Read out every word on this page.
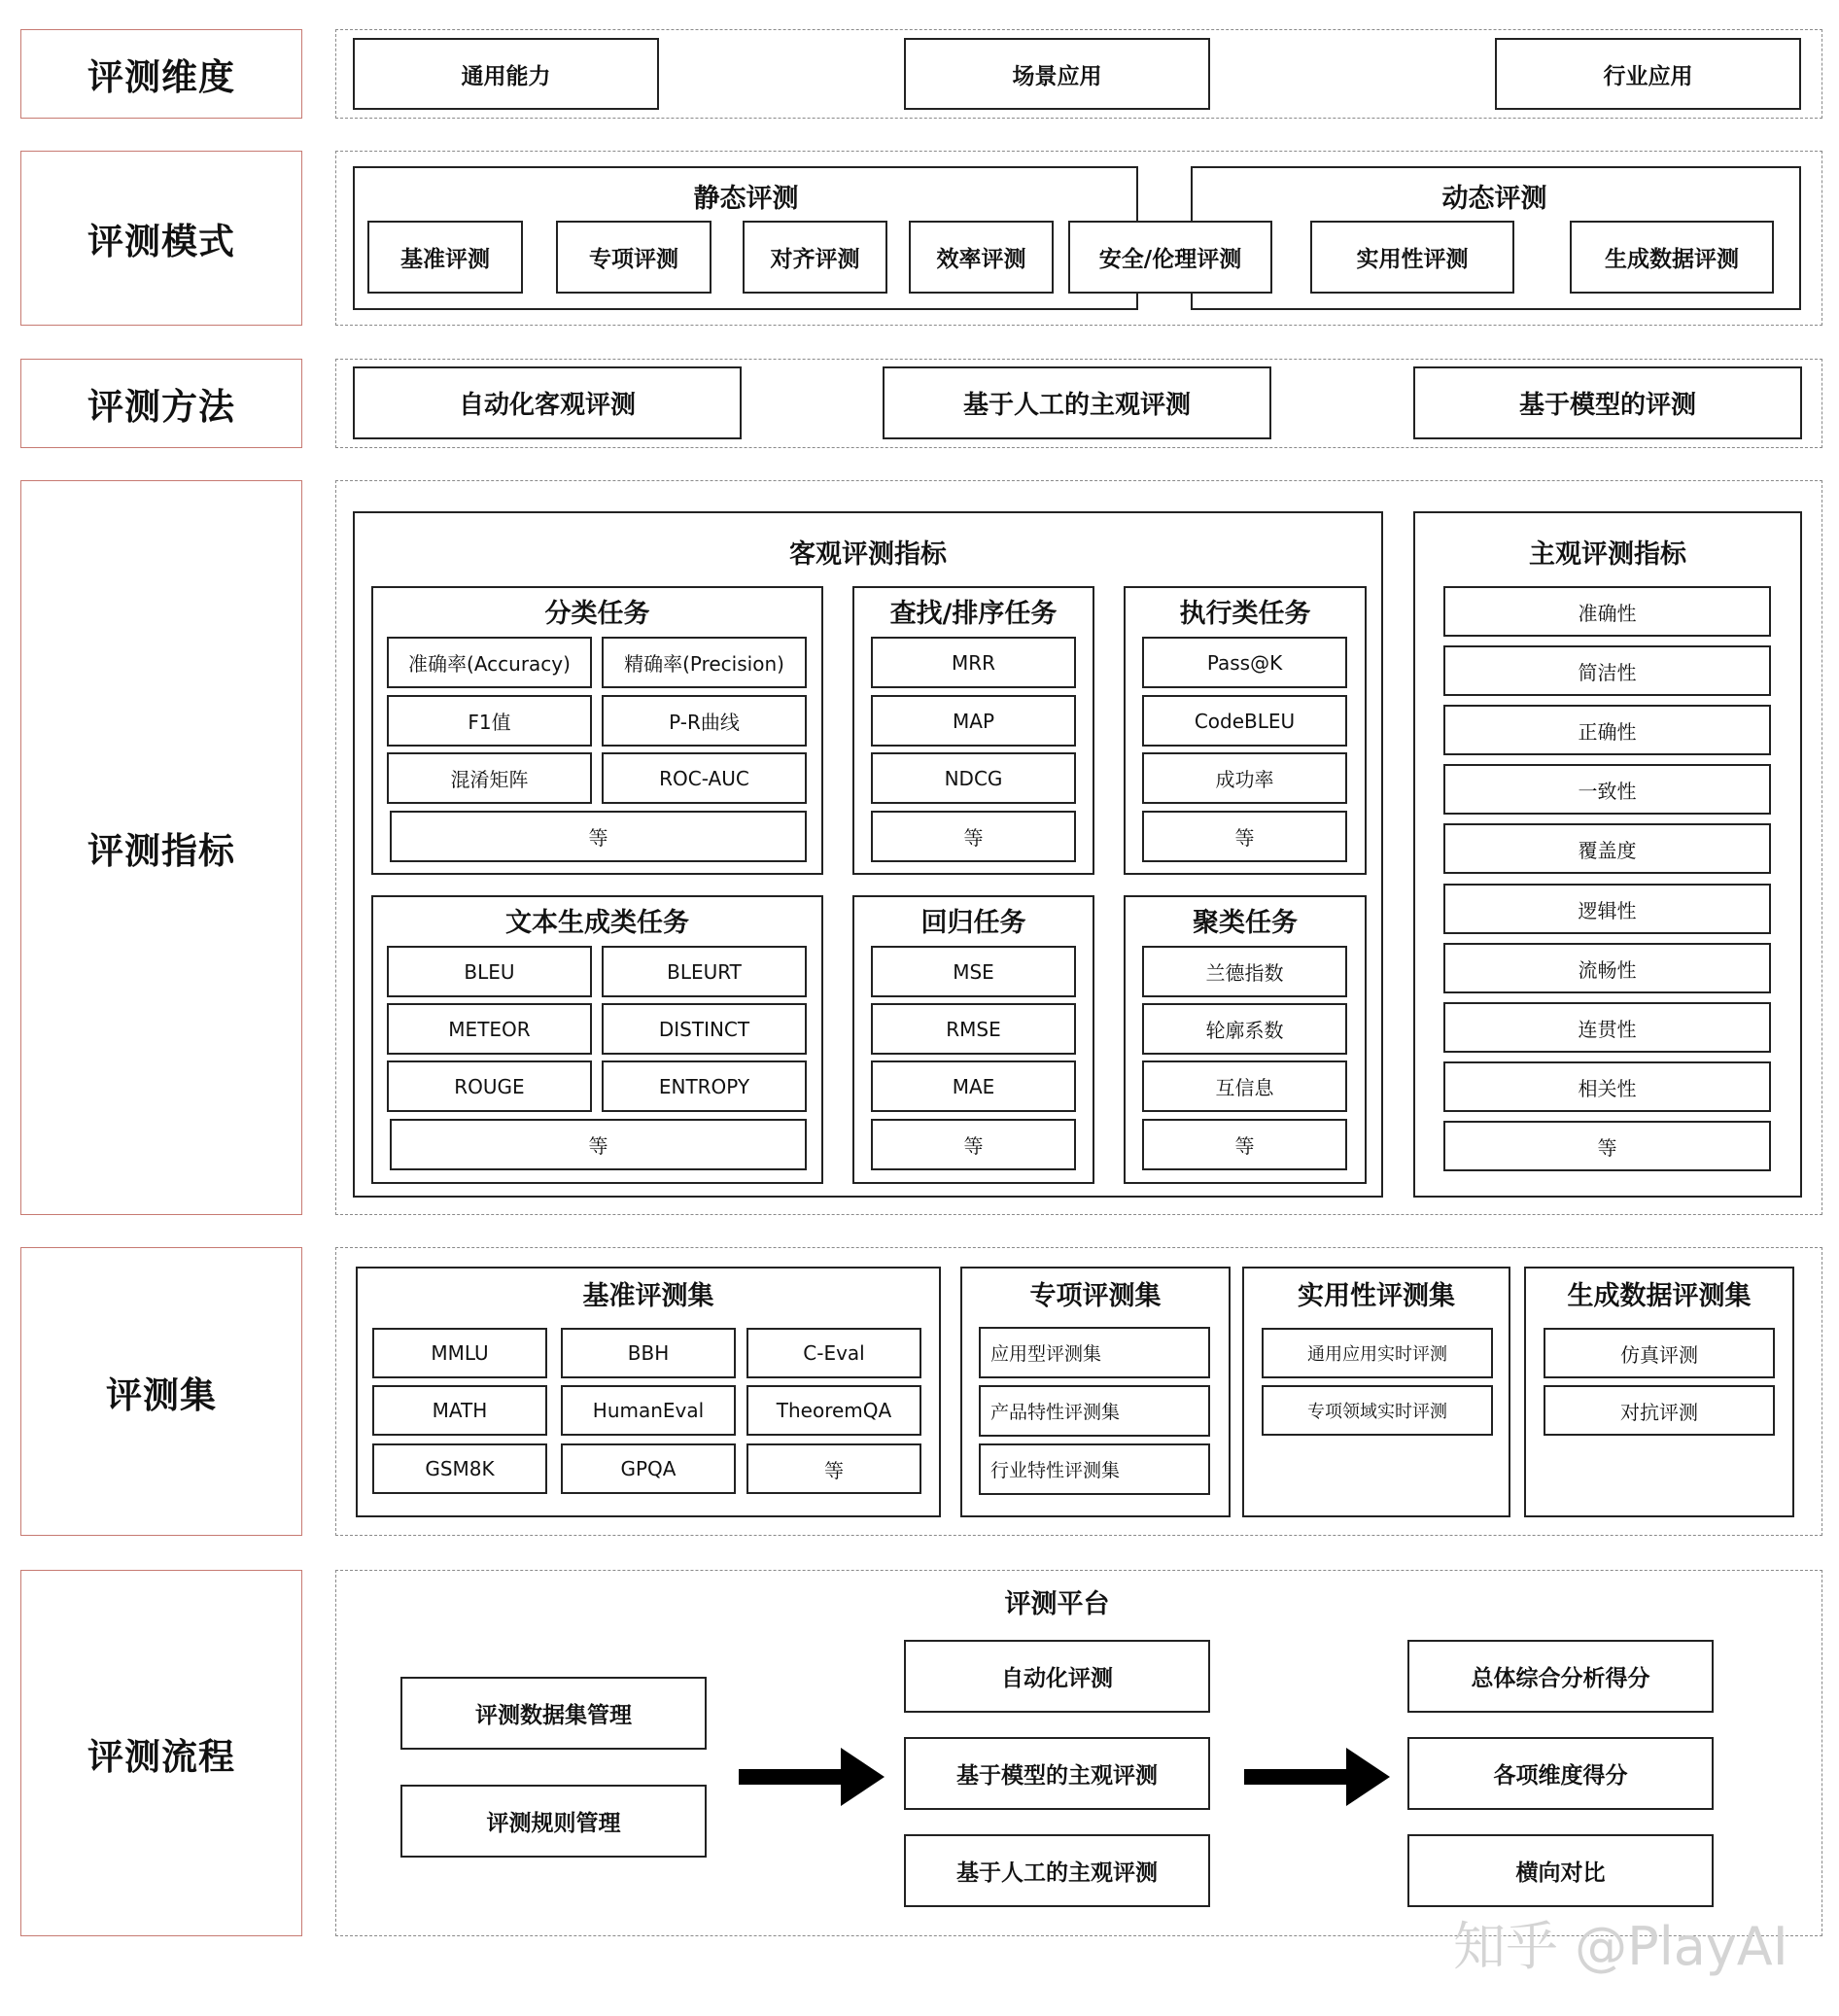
评测维度
评测模式
评测方法
评测指标
评测集
评测流程
通用能力	场景应用	行业应用
静态评测	动态评测
基准评测	专项评测	对齐评测	效率评测	安全/伦理评测	实用性评测	生成数据评测
自动化客观评测	基于人工的主观评测	基于模型的评测
客观评测指标
分类任务
准确率(Accuracy)	精确率(Precision)
F1值	P-R曲线
混淆矩阵	ROC-AUC
等
查找/排序任务
MRR
MAP
NDCG
等
执行类任务
Pass@K
CodeBLEU
成功率
等
文本生成类任务
BLEU	BLEURT
METEOR	DISTINCT
ROUGE	ENTROPY
等
回归任务
MSE
RMSE
MAE
等
聚类任务
兰德指数
轮廓系数
互信息
等
主观评测指标
准确性
简洁性
正确性
一致性
覆盖度
逻辑性
流畅性
连贯性
相关性
等
基准评测集
MMLU	BBH	C-Eval
MATH	HumanEval	TheoremQA
GSM8K	GPQA	等
专项评测集
应用型评测集
产品特性评测集
行业特性评测集
实用性评测集
通用应用实时评测
专项领域实时评测
生成数据评测集
仿真评测
对抗评测
评测平台
评测数据集管理
评测规则管理
自动化评测
基于模型的主观评测
基于人工的主观评测
总体综合分析得分
各项维度得分
横向对比
知乎 @PlayAI
